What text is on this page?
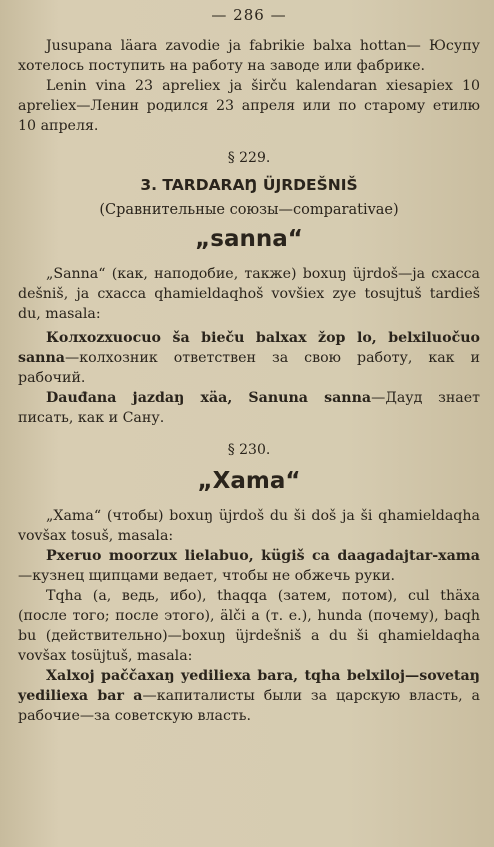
— 286 —

Jusupana läara zavodie ja fabrikie balxa hottan— Юсупу хотелось поступить на работу на заводе или фабрике.

Lenin vina 23 aprelieх ja širču kalendaran хiesapieх 10 aprelieх—Ленин родился 23 апреля или по старому етилю 10 апреля.

§ 229.
3. TARDARAŊ ÜJRDEŠNIŠ
(Сравнительные союзы—comparativae)
„sanna“

„Sanna“ (как, наподобие, также) boхuŋ üjrdoš—ja cхасса dešniš, ja cхасса qhamieldaqhoš vovšieх zye tosujtuš tardieš du, masala:

Колxozxuocuo ša bieču balхaх žop lo, belxiluočuo sanna—колхозник ответствен за свою работу, как и рабочий.

Dauđana jazdaŋ хäa, Sanuna sanna—Дауд знает писать, как и Сану.

§ 230.
„Хama“

„Хama“ (чтобы) boхuŋ üjrdoš du ši doš ja ši qhamieldaqha vovšaх tosuš, masala:

Pхeruo moorzuх lielabuo, kügiš ca daagadajtar-хama—кузнец щипцами ведает, чтобы не обжечь руки.

Tqha (а, ведь, ибо), thaqqa (затем, потом), cul thäха (после того; после этого), älči a (т. е.), hunda (почему), baqh bu (действительно)—boхuŋ üjrdešniš a du ši qhamieldaqha vovšaх tosüjtuš, masala:

Хalхoj paččaхaŋ yedilieха bara, tqha belxiloj—sovetaŋ yedilieха bar a—капиталисты были за царскую власть, а рабочие—за советскую власть.
